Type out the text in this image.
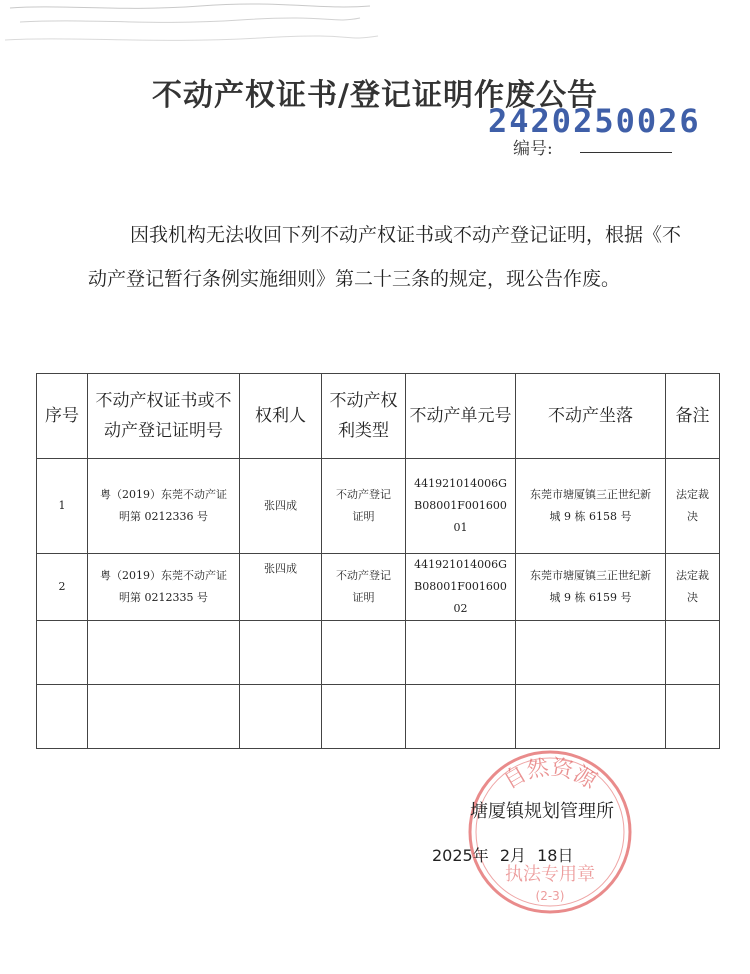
不动产权证书/登记证明作废公告
2420250026
编号:
因我机构无法收回下列不动产权证书或不动产登记证明，根据《不动产登记暂行条例实施细则》第二十三条的规定，现公告作废。
序号	不动产权证书或不动产登记证明号	权利人	不动产权利类型	不动产单元号	不动产坐落	备注
1	粤（2019）东莞不动产证明第 0212336 号	张四成	不动产登记证明	441921014006GB08001F00160001	东莞市塘厦镇三正世纪新城 9 栋 6158 号	法定裁决
2	粤（2019）东莞不动产证明第 0212335 号	张四成	不动产登记证明	441921014006GB08001F00160002	东莞市塘厦镇三正世纪新城 9 栋 6159 号	法定裁决

自然资源
执法专用章
(2-3)
塘厦镇规划管理所
2025年 2月 18日
